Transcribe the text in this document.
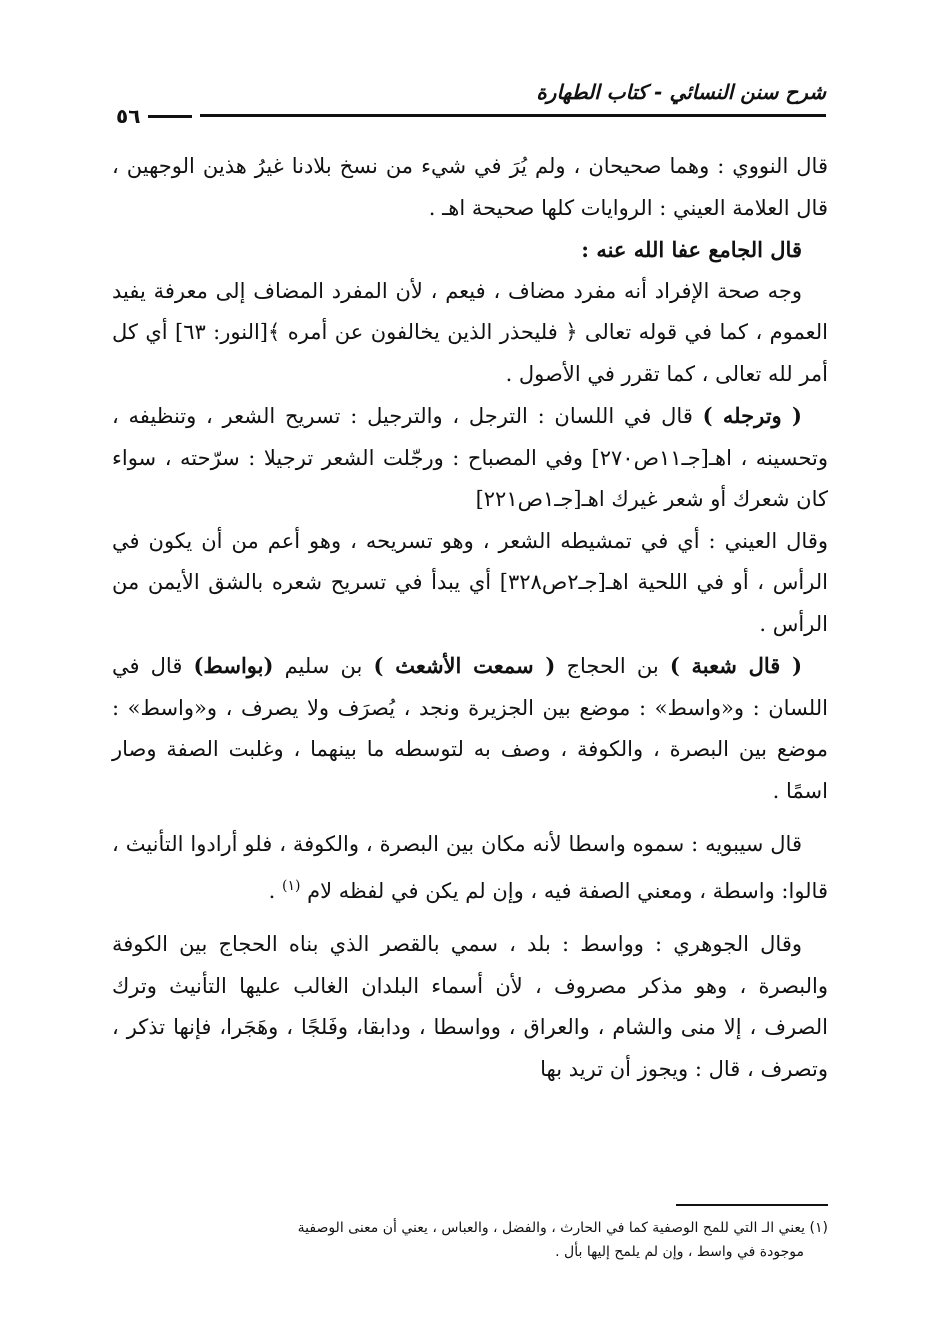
شرح سنن النسائي - كتاب الطهارة
٥٦

قال النووي : وهما صحيحان ، ولم يُرَ في شيء من نسخ بلادنا غيرُ هذين الوجهين ، قال العلامة العيني : الروايات كلها صحيحة اهـ .

قال الجامع عفا الله عنه :

وجه صحة الإفراد أنه مفرد مضاف ، فيعم ، لأن المفرد المضاف إلى معرفة يفيد العموم ، كما في قوله تعالى ﴿ فليحذر الذين يخالفون عن أمره ﴾[النور: ٦٣] أي كل أمر لله تعالى ، كما تقرر في الأصول .

( وترجله ) قال في اللسان : الترجل ، والترجيل : تسريح الشعر ، وتنظيفه ، وتحسينه ، اهـ[جـ١١ص٢٧٠] وفي المصباح : ورجّلت الشعر ترجيلا : سرّحته ، سواء كان شعرك أو شعر غيرك اهـ[جـ١ص٢٢١]

وقال العيني : أي في تمشيطه الشعر ، وهو تسريحه ، وهو أعم من أن يكون في الرأس ، أو في اللحية اهـ[جـ٢ص٣٢٨] أي يبدأ في تسريح شعره بالشق الأيمن من الرأس .

( قال شعبة ) بن الحجاج ( سمعت الأشعث ) بن سليم (بواسط) قال في اللسان : و«واسط» : موضع بين الجزيرة ونجد ، يُصرَف ولا يصرف ، و«واسط» : موضع بين البصرة ، والكوفة ، وصف به لتوسطه ما بينهما ، وغلبت الصفة وصار اسمًا .

قال سيبويه : سموه واسطا لأنه مكان بين البصرة ، والكوفة ، فلو أرادوا التأنيث ، قالوا: واسطة ، ومعني الصفة فيه ، وإن لم يكن في لفظه لام $^{(١)}$ .

وقال الجوهري : وواسط : بلد ، سمي بالقصر الذي بناه الحجاج بين الكوفة والبصرة ، وهو مذكر مصروف ، لأن أسماء البلدان الغالب عليها التأنيث وترك الصرف ، إلا منى والشام ، والعراق ، وواسطا ، ودابقا، وفَلجًا ، وهَجَرا، فإنها تذكر ، وتصرف ، قال : ويجوز أن تريد بها

(١) يعني الـ التي للمح الوصفية كما في الحارث ، والفضل ، والعباس ، يعني أن معنى الوصفية

موجودة في واسط ، وإن لم يلمح إليها بأل .
